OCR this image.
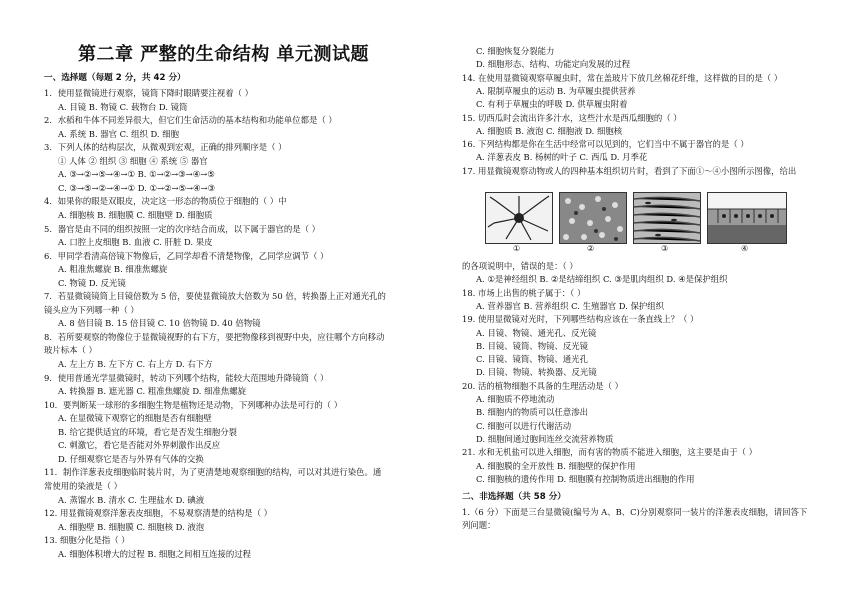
第二章 严整的生命结构 单元测试题
一、选择题（每题 2 分，共 42 分）
1．使用显微镜进行观察，镜筒下降时眼睛要注视着（ ）
A. 目镜 B. 物镜 C. 载物台 D. 镜筒
2．水稻和牛体不同差异很大，但它们生命活动的基本结构和功能单位都是（ ）
A. 系统 B. 器官 C. 组织 D. 细胞
3．下列人体的结构层次，从微观到宏观，正确的排列顺序是（ ）
① 人体 ② 组织 ③ 细胞 ④ 系统 ⑤ 器官
A. ③→②→⑤→④→① B. ①→②→③→④→⑤
C. ③→⑤→②→④→① D. ①→②→⑤→④→③
4．如果你的眼是双眼皮，决定这一形态的物质位于细胞的（ ）中
A. 细胞核 B. 细胞膜 C. 细胞壁 D. 细胞质
5．器官是由不同的组织按照一定的次序结合而成，以下属于器官的是（ ）
A. 口腔上皮细胞 B. 血液 C. 肝脏 D. 果皮
6．甲同学看清高倍镜下物像后，乙同学却看不清楚物像，乙同学应调节（ ）
A. 粗准焦螺旋 B. 细准焦螺旋
C. 物镜 D. 反光镜
7．若显微镜镜筒上目镜倍数为 5 倍，要使显微镜放大倍数为 50 倍，转换器上正对通光孔的
镜头应为下列哪一种（ ）
A. 8 倍目镜 B. 15 倍目镜 C. 10 倍物镜 D. 40 倍物镜
8．若所要观察的物像位于显微镜视野的右下方，要把物像移到视野中央，应往哪个方向移动
玻片标本（ ）
A. 左上方 B. 左下方 C. 右上方 D. 右下方
9．使用普通光学显微镜时，转动下列哪个结构，能较大范围地升降镜筒（ ）
A. 转换器 B. 遮光器 C. 粗准焦螺旋 D. 细准焦螺旋
10．要判断某一球形的多细胞生物是植物还是动物，下列哪种办法是可行的（ ）
A. 在显微镜下观察它的细胞是否有细胞壁
B. 给它提供适宜的环境，看它是否发生细胞分裂
C. 刺激它，看它是否能对外界刺激作出反应
D. 仔细观察它是否与外界有气体的交换
11．制作洋葱表皮细胞临时装片时，为了更清楚地观察细胞的结构，可以对其进行染色。通
常使用的染液是（ ）
A. 蒸馏水 B. 清水 C. 生理盐水 D. 碘液
12. 用显微镜观察洋葱表皮细胞，不易观察清楚的结构是（ ）
A. 细胞壁 B. 细胞膜 C. 细胞核 D. 液泡
13. 细胞分化是指（ ）
A. 细胞体积增大的过程 B. 细胞之间相互连接的过程
C. 细胞恢复分裂能力
D. 细胞形态、结构、功能定向发展的过程
14. 在使用显微镜观察草履虫时，常在盖玻片下放几丝棉花纤维，这样做的目的是（ ）
A. 限制草履虫的运动 B. 为草履虫提供营养
C. 有利于草履虫的呼吸 D. 供草履虫附着
15. 切西瓜时会流出许多汁水，这些汁水是西瓜细胞的（ ）
A. 细胞质 B. 液泡 C. 细胞液 D. 细胞核
16. 下列结构都是你在生活中经常可以见到的，它们当中不属于器官的是（ ）
A. 洋葱表皮 B. 杨树的叶子 C. 西瓜 D. 月季花
17. 用显微镜观察动物或人的四种基本组织切片时，看到了下面①～④小图所示图像，给出
的各项说明中，错误的是：（ ）
A. ①是神经组织 B. ②是结缔组织 C. ③是肌肉组织 D. ④是保护组织
18. 市场上出售的桃子属于：（ ）
A. 营养器官 B. 营养组织 C. 生殖器官 D. 保护组织
19. 使用显微镜对光时，下列哪些结构应该在一条直线上？（ ）
A. 目镜、物镜、通光孔、反光镜
B. 目镜、镜筒、物镜、反光镜
C. 目镜、镜筒、物镜、通光孔
D. 目镜、物镜、转换器、反光镜
20. 活的植物细胞不具备的生理活动是（ ）
A. 细胞质不停地流动
B. 细胞内的物质可以任意渗出
C. 细胞可以进行代谢活动
D. 细胞间通过胞间连丝交流营养物质
21. 水和无机盐可以进入细胞，而有害的物质不能进入细胞，这主要是由于（ ）
A. 细胞膜的全开放性 B. 细胞壁的保护作用
C. 细胞核的遗传作用 D. 细胞膜有控制物质进出细胞的作用
①	②	③	④
二、非选择题（共 58 分）
1.（6 分）下面是三台显微镜(编号为 A、B、C)分别观察同一装片的洋葱表皮细胞，请回答下
列问题：
